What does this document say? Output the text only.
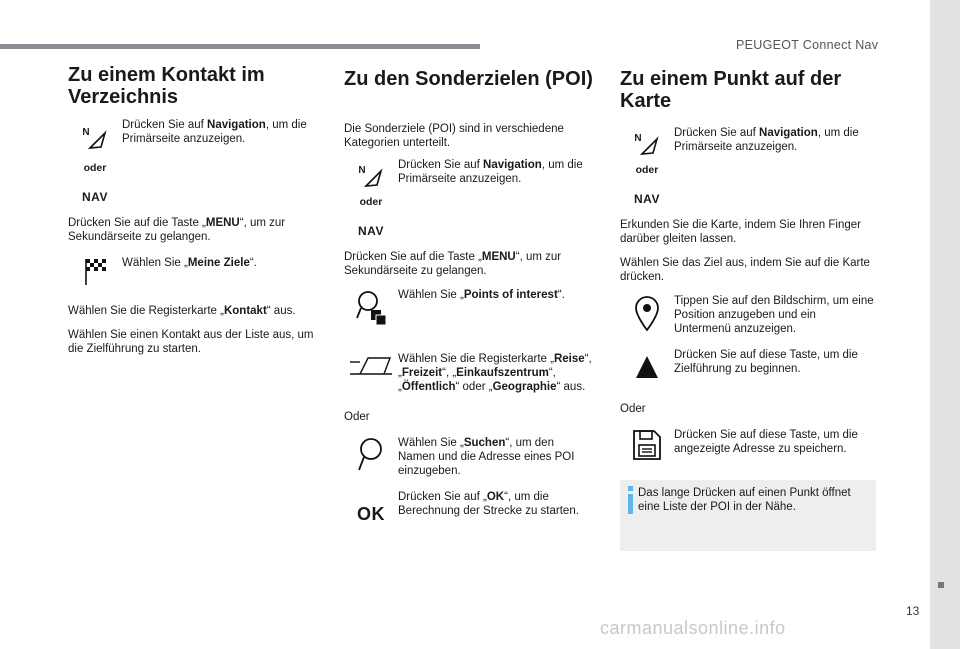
PEUGEOT Connect Nav
13
carmanualsonline.info
Zu einem Kontakt im Verzeichnis
N
oder
NAV
Drücken Sie auf Navigation, um die Primärseite anzuzeigen.

Drücken Sie auf die Taste „MENU“, um zur Sekundärseite zu gelangen.

Wählen Sie „Meine Ziele“.

Wählen Sie die Registerkarte „Kontakt“ aus.

Wählen Sie einen Kontakt aus der Liste aus, um die Zielführung zu starten.

Zu den Sonderzielen (POI)

Die Sonderziele (POI) sind in verschiedene Kategorien unterteilt.

N
oder
NAV
Drücken Sie auf Navigation, um die Primärseite anzuzeigen.

Drücken Sie auf die Taste „MENU“, um zur Sekundärseite zu gelangen.

Wählen Sie „Points of interest“.
Wählen Sie die Registerkarte „Reise“, „Freizeit“, „Einkaufszentrum“, „Öffentlich“ oder „Geographie“ aus.

Oder

Wählen Sie „Suchen“, um den Namen und die Adresse eines POI einzugeben.
OK
Drücken Sie auf „OK“, um die Berechnung der Strecke zu starten.
Zu einem Punkt auf der Karte
N
oder
NAV
Drücken Sie auf Navigation, um die Primärseite anzuzeigen.

Erkunden Sie die Karte, indem Sie Ihren Finger darüber gleiten lassen.

Wählen Sie das Ziel aus, indem Sie auf die Karte drücken.

Tippen Sie auf den Bildschirm, um eine Position anzugeben und ein Untermenü anzuzeigen.
Drücken Sie auf diese Taste, um die Zielführung zu beginnen.

Oder

Drücken Sie auf diese Taste, um die angezeigte Adresse zu speichern.
Das lange Drücken auf einen Punkt öffnet eine Liste der POI in der Nähe.
